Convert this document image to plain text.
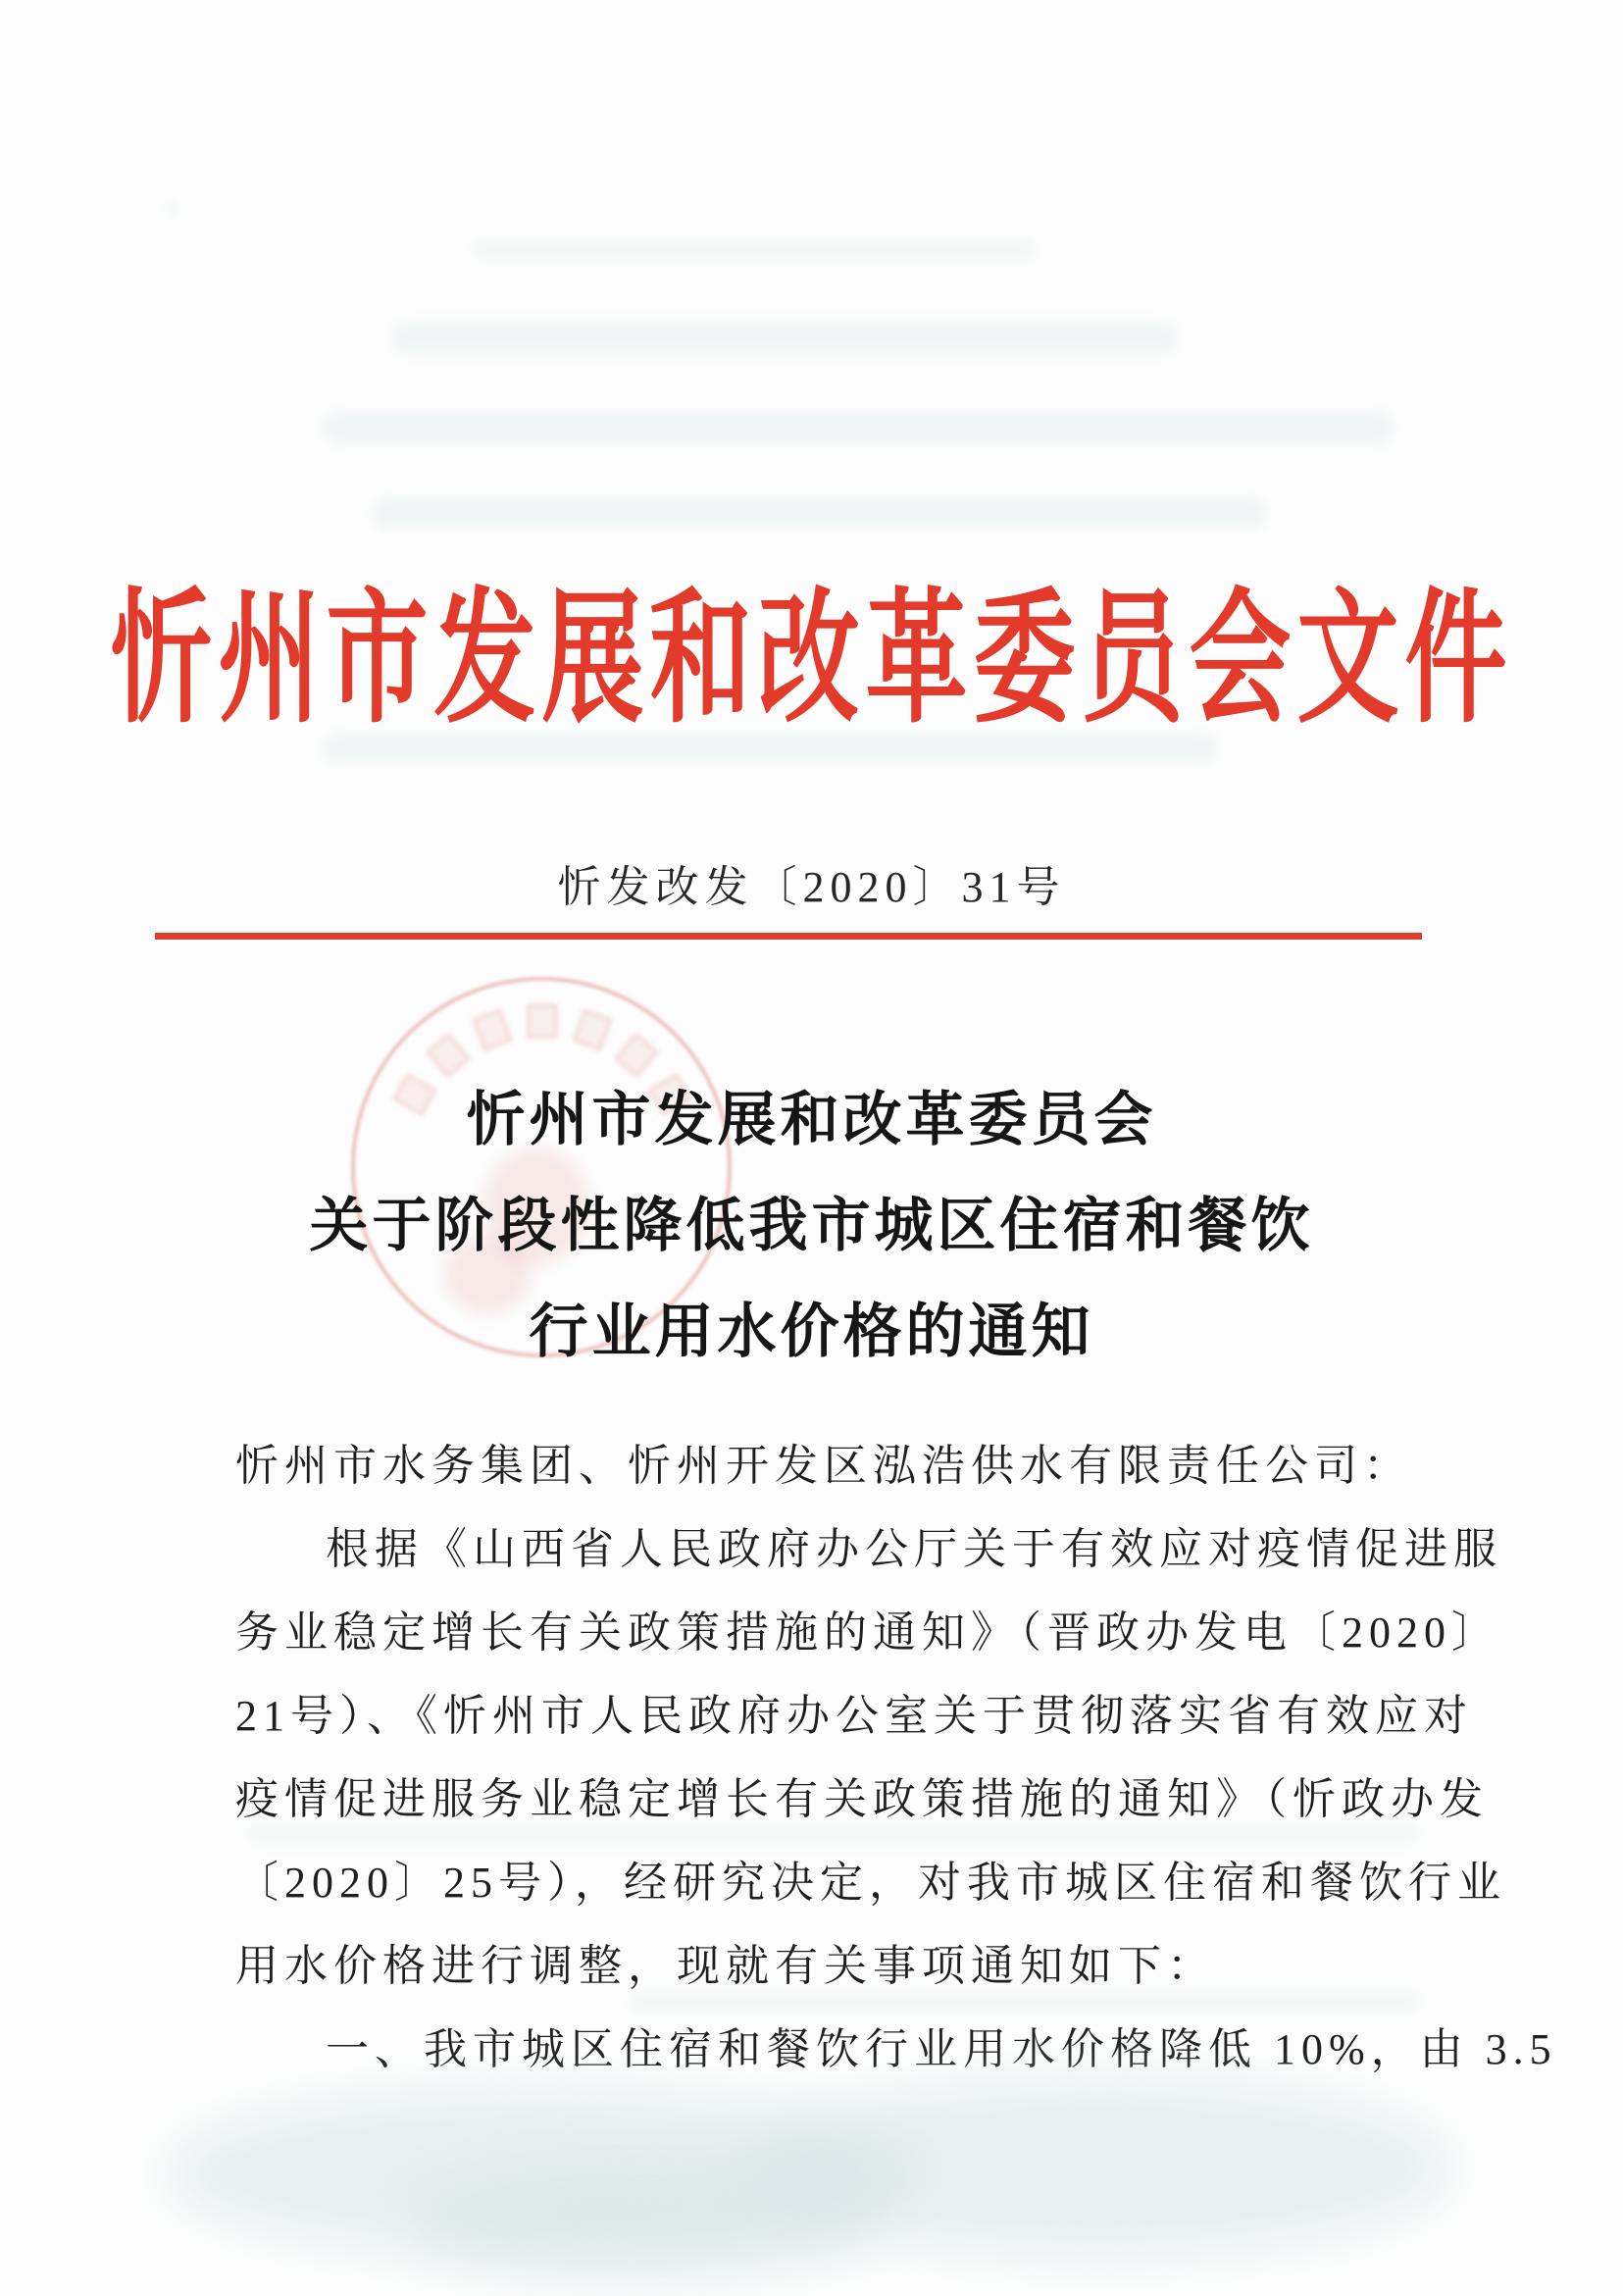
忻州市发展和改革委员会文件
忻发改发〔2020〕31号
忻州市发展和改革委员会
关于阶段性降低我市城区住宿和餐饮
行业用水价格的通知
忻州市水务集团、忻州开发区泓浩供水有限责任公司：
根据《山西省人民政府办公厅关于有效应对疫情促进服
务业稳定增长有关政策措施的通知》（晋政办发电〔2020〕
21号）、《忻州市人民政府办公室关于贯彻落实省有效应对
疫情促进服务业稳定增长有关政策措施的通知》（忻政办发
〔2020〕25号），经研究决定，对我市城区住宿和餐饮行业
用水价格进行调整，现就有关事项通知如下：
一、我市城区住宿和餐饮行业用水价格降低 10%，由 3.5
